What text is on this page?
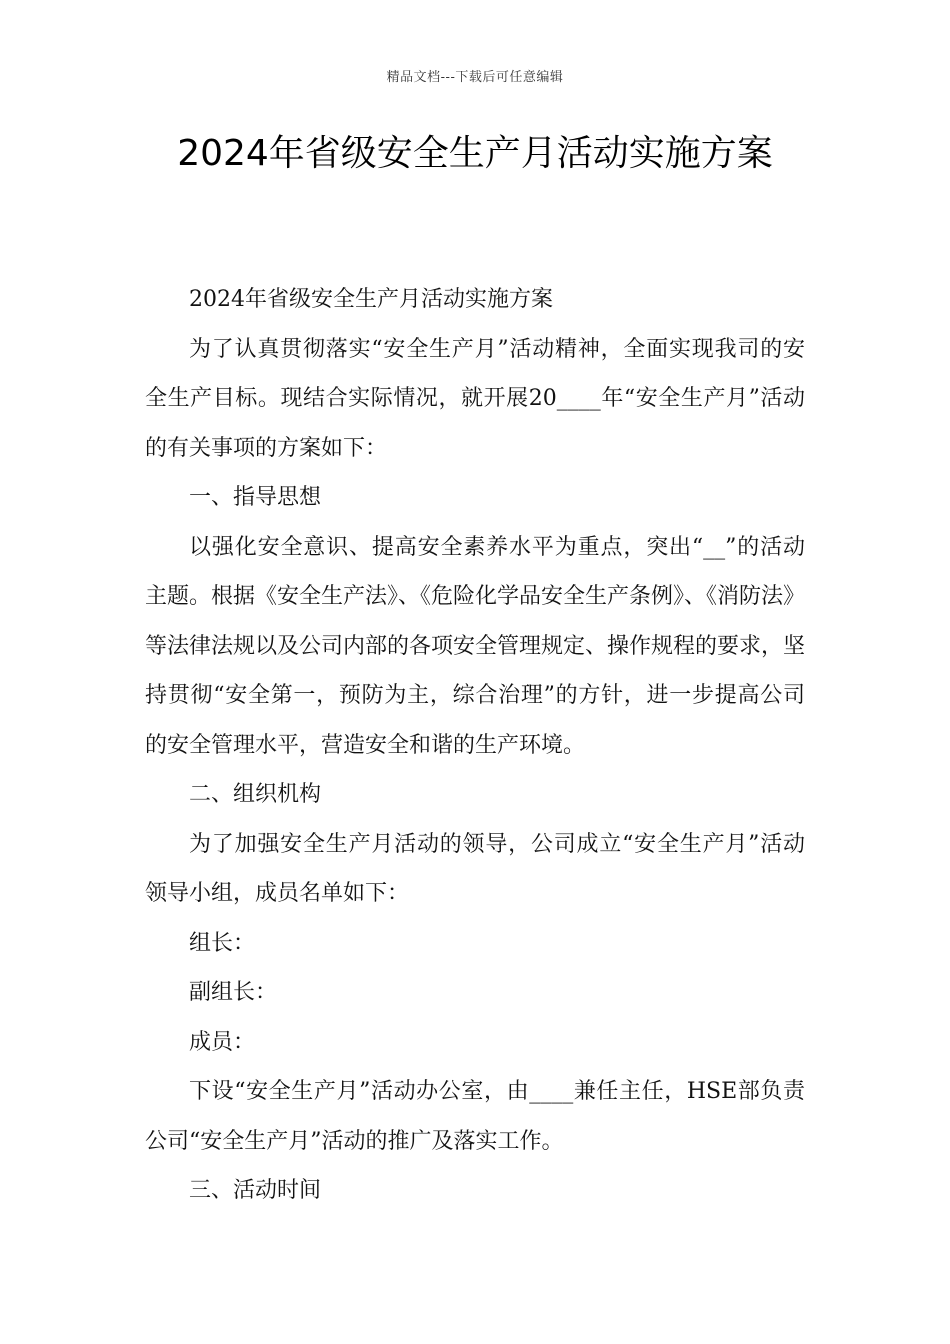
精品文档---下载后可任意编辑
2024年省级安全生产月活动实施方案

2024年省级安全生产月活动实施方案

为了认真贯彻落实“安全生产月”活动精神，全面实现我司的安全生产目标。现结合实际情况，就开展20____年“安全生产月”活动的有关事项的方案如下：

一、指导思想

以强化安全意识、提高安全素养水平为重点，突出“__”的活动主题。根据《安全生产法》、《危险化学品安全生产条例》、《消防法》等法律法规以及公司内部的各项安全管理规定、操作规程的要求，坚持贯彻“安全第一，预防为主，综合治理”的方针，进一步提高公司的安全管理水平，营造安全和谐的生产环境。

二、组织机构

为了加强安全生产月活动的领导，公司成立“安全生产月”活动领导小组，成员名单如下：

组长：

副组长：

成员：

下设“安全生产月”活动办公室，由____兼任主任，HSE部负责公司“安全生产月”活动的推广及落实工作。

三、活动时间
